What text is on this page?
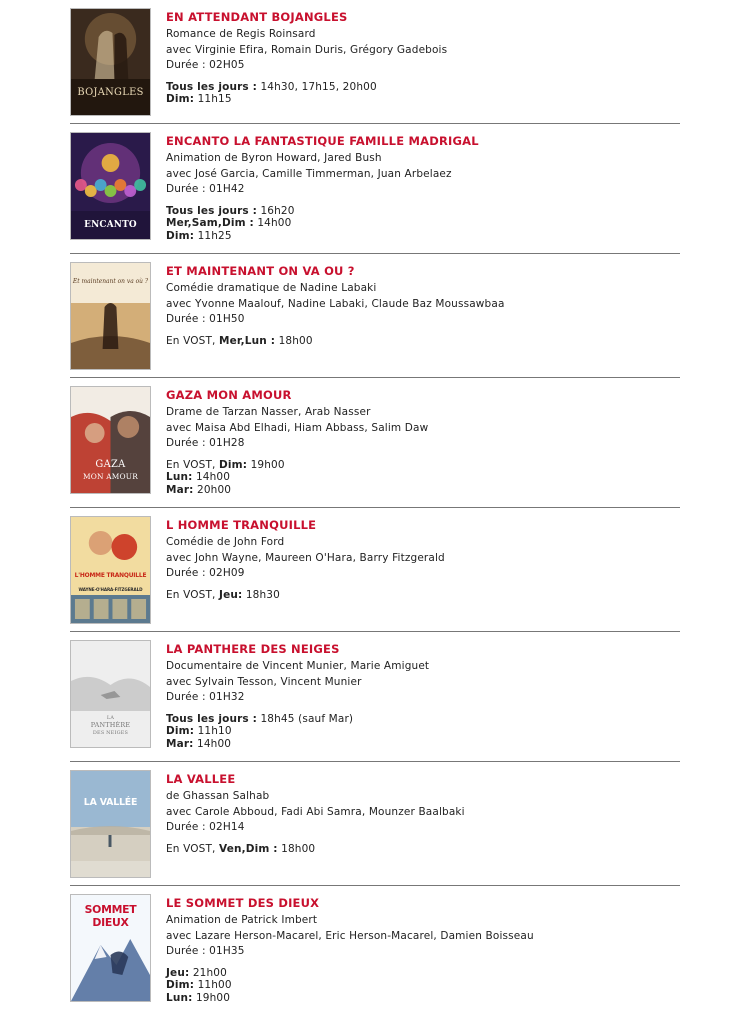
BOJANGLES
EN ATTENDANT BOJANGLES
Romance de Regis Roinsard
avec Virginie Efira, Romain Duris, Grégory Gadebois
Durée : 02H05
Tous les jours : 14h30, 17h15, 20h00
Dim: 11h15
ENCANTO
ENCANTO LA FANTASTIQUE FAMILLE MADRIGAL
Animation de Byron Howard, Jared Bush
avec José Garcia, Camille Timmerman, Juan Arbelaez
Durée : 01H42
Tous les jours : 16h20
Mer,Sam,Dim : 14h00
Dim: 11h25
Et maintenant on va où ?
ET MAINTENANT ON VA OU ?
Comédie dramatique de Nadine Labaki
avec Yvonne Maalouf, Nadine Labaki, Claude Baz Moussawbaa
Durée : 01H50
En VOST, Mer,Lun : 18h00
GAZA
MON AMOUR
GAZA MON AMOUR
Drame de Tarzan Nasser, Arab Nasser
avec Maisa Abd Elhadi, Hiam Abbass, Salim Daw
Durée : 01H28
En VOST, Dim: 19h00
Lun: 14h00
Mar: 20h00
L'HOMME TRANQUILLE
WAYNE·O'HARA·FITZGERALD
L HOMME TRANQUILLE
Comédie de John Ford
avec John Wayne, Maureen O'Hara, Barry Fitzgerald
Durée : 02H09
En VOST, Jeu: 18h30
LA
PANTHÈRE
DES NEIGES
LA PANTHERE DES NEIGES
Documentaire de Vincent Munier, Marie Amiguet
avec Sylvain Tesson, Vincent Munier
Durée : 01H32
Tous les jours : 18h45 (sauf Mar)
Dim: 11h10
Mar: 14h00
LA VALLÉE
LA VALLEE
de Ghassan Salhab
avec Carole Abboud, Fadi Abi Samra, Mounzer Baalbaki
Durée : 02H14
En VOST, Ven,Dim : 18h00
SOMMET
DIEUX
LE SOMMET DES DIEUX
Animation de Patrick Imbert
avec Lazare Herson-Macarel, Eric Herson-Macarel, Damien Boisseau
Durée : 01H35
Jeu: 21h00
Dim: 11h00
Lun: 19h00
